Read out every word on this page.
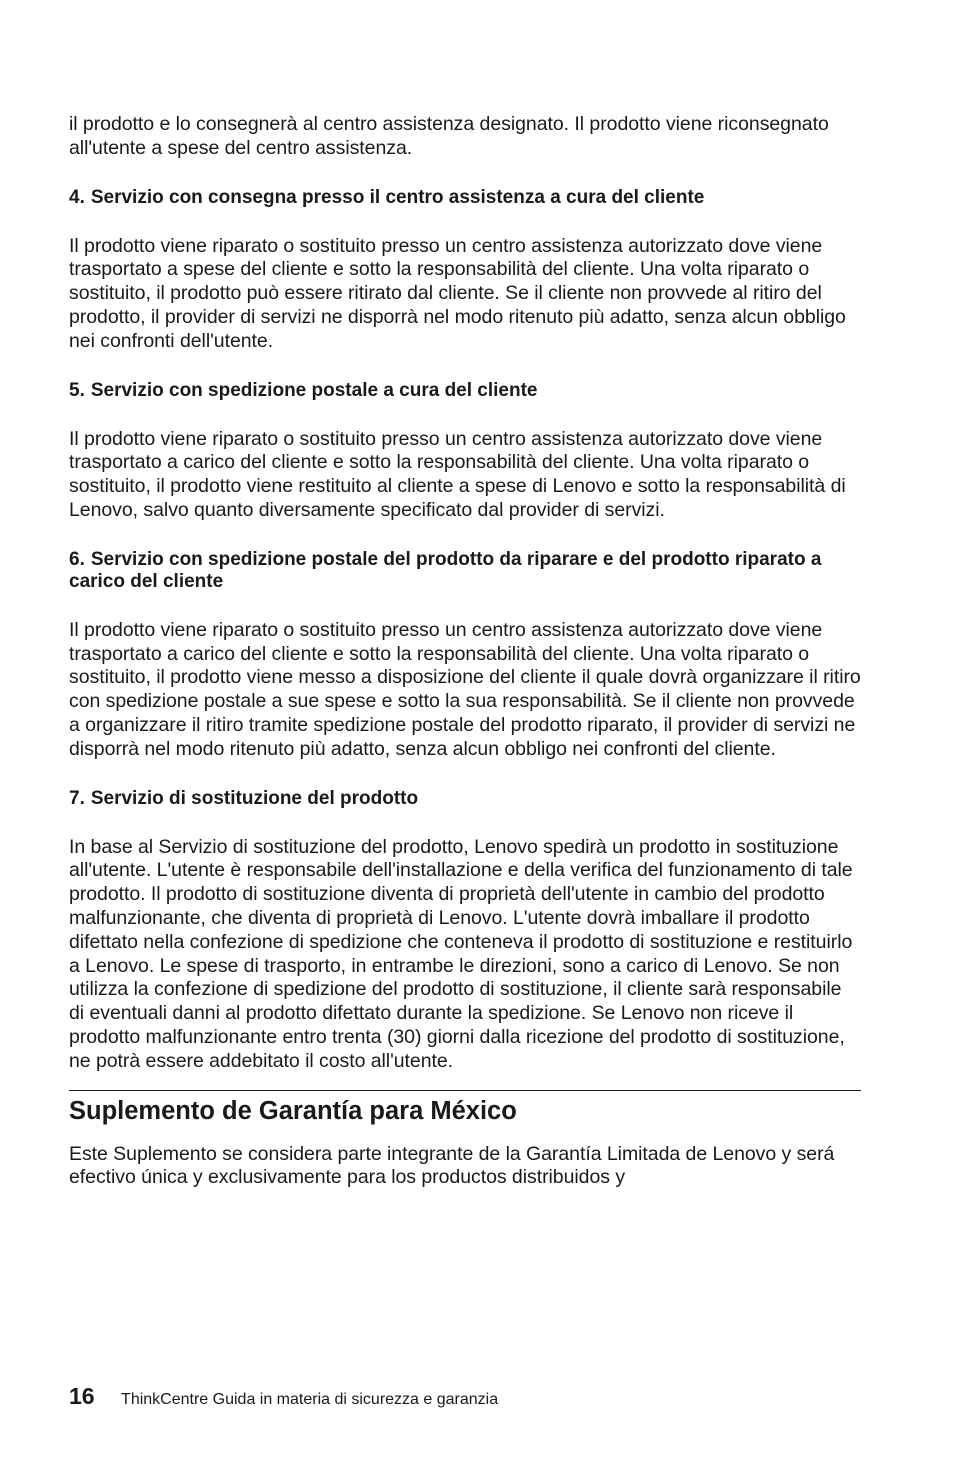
il prodotto e lo consegnerà al centro assistenza designato. Il prodotto viene riconsegnato all'utente a spese del centro assistenza.

4. Servizio con consegna presso il centro assistenza a cura del cliente

Il prodotto viene riparato o sostituito presso un centro assistenza autorizzato dove viene trasportato a spese del cliente e sotto la responsabilità del cliente. Una volta riparato o sostituito, il prodotto può essere ritirato dal cliente. Se il cliente non provvede al ritiro del prodotto, il provider di servizi ne disporrà nel modo ritenuto più adatto, senza alcun obbligo nei confronti dell'utente.

5. Servizio con spedizione postale a cura del cliente

Il prodotto viene riparato o sostituito presso un centro assistenza autorizzato dove viene trasportato a carico del cliente e sotto la responsabilità del cliente. Una volta riparato o sostituito, il prodotto viene restituito al cliente a spese di Lenovo e sotto la responsabilità di Lenovo, salvo quanto diversamente specificato dal provider di servizi.

6. Servizio con spedizione postale del prodotto da riparare e del prodotto riparato a carico del cliente

Il prodotto viene riparato o sostituito presso un centro assistenza autorizzato dove viene trasportato a carico del cliente e sotto la responsabilità del cliente. Una volta riparato o sostituito, il prodotto viene messo a disposizione del cliente il quale dovrà organizzare il ritiro con spedizione postale a sue spese e sotto la sua responsabilità. Se il cliente non provvede a organizzare il ritiro tramite spedizione postale del prodotto riparato, il provider di servizi ne disporrà nel modo ritenuto più adatto, senza alcun obbligo nei confronti del cliente.

7. Servizio di sostituzione del prodotto

In base al Servizio di sostituzione del prodotto, Lenovo spedirà un prodotto in sostituzione all'utente. L'utente è responsabile dell'installazione e della verifica del funzionamento di tale prodotto. Il prodotto di sostituzione diventa di proprietà dell'utente in cambio del prodotto malfunzionante, che diventa di proprietà di Lenovo. L'utente dovrà imballare il prodotto difettato nella confezione di spedizione che conteneva il prodotto di sostituzione e restituirlo a Lenovo. Le spese di trasporto, in entrambe le direzioni, sono a carico di Lenovo. Se non utilizza la confezione di spedizione del prodotto di sostituzione, il cliente sarà responsabile di eventuali danni al prodotto difettato durante la spedizione. Se Lenovo non riceve il prodotto malfunzionante entro trenta (30) giorni dalla ricezione del prodotto di sostituzione, ne potrà essere addebitato il costo all'utente.

Suplemento de Garantía para México

Este Suplemento se considera parte integrante de la Garantía Limitada de Lenovo y será efectivo única y exclusivamente para los productos distribuidos y

16 ThinkCentre Guida in materia di sicurezza e garanzia
